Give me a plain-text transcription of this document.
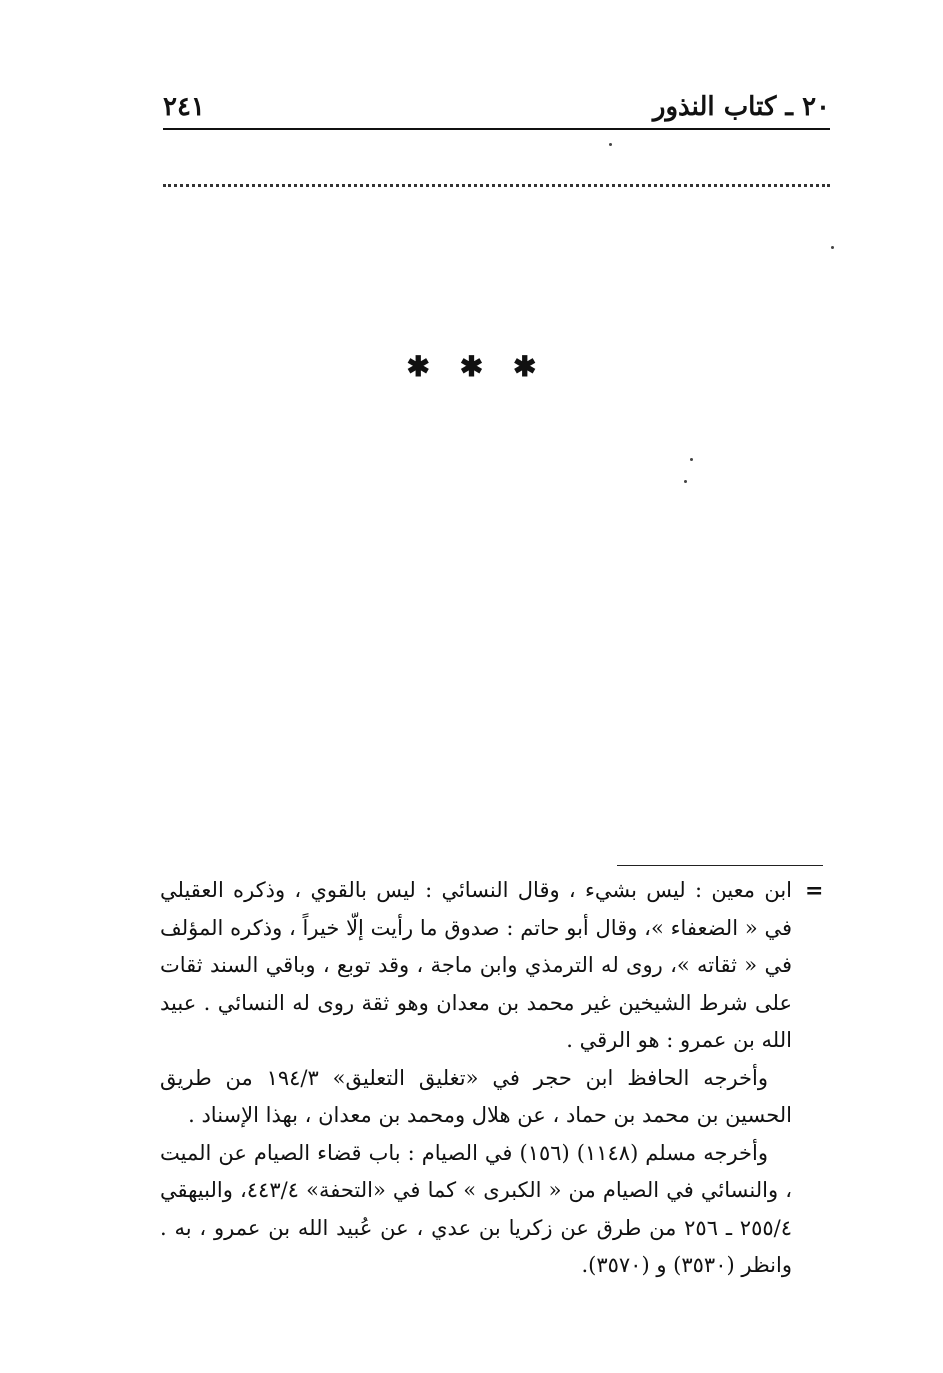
٢٠ ـ كتاب النذور
٢٤١
✱ ✱ ✱
=

ابن معين : ليس بشيء ، وقال النسائي : ليس بالقوي ، وذكره العقيلي في « الضعفاء »، وقال أبو حاتم : صدوق ما رأيت إلّا خيراً ، وذكره المؤلف في « ثقاته »، روى له الترمذي وابن ماجة ، وقد توبع ، وباقي السند ثقات على شرط الشيخين غير محمد بن معدان وهو ثقة روى له النسائي . عبيد الله بن عمرو : هو الرقي .

وأخرجه الحافظ ابن حجر في «تغليق التعليق» ١٩٤/٣ من طريق الحسين بن محمد بن حماد ، عن هلال ومحمد بن معدان ، بهذا الإسناد .

وأخرجه مسلم (١١٤٨) (١٥٦) في الصيام : باب قضاء الصيام عن الميت ، والنسائي في الصيام من « الكبرى » كما في «التحفة» ٤٤٣/٤، والبيهقي ٢٥٥/٤ ـ ٢٥٦ من طرق عن زكريا بن عدي ، عن عُبيد الله بن عمرو ، به . وانظر (٣٥٣٠) و (٣٥٧٠).
